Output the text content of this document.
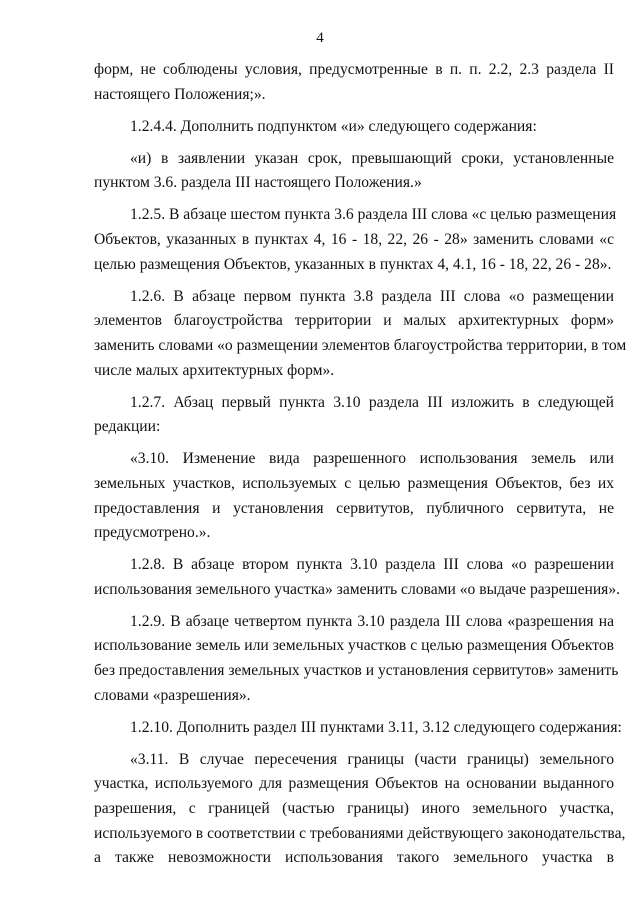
4
форм, не соблюдены условия, предусмотренные в п. п. 2.2, 2.3 раздела II
настоящего Положения;».
1.2.4.4. Дополнить подпунктом «и» следующего содержания:
«и) в заявлении указан срок, превышающий сроки, установленные
пунктом 3.6. раздела III настоящего Положения.»
1.2.5. В абзаце шестом пункта 3.6 раздела III слова «с целью размещения
Объектов, указанных в пунктах 4, 16 - 18, 22, 26 - 28» заменить словами «с
целью размещения Объектов, указанных в пунктах 4, 4.1, 16 - 18, 22, 26 - 28».
1.2.6. В абзаце первом пункта 3.8 раздела III слова «о размещении
элементов благоустройства территории и малых архитектурных форм»
заменить словами «о размещении элементов благоустройства территории, в том
числе малых архитектурных форм».
1.2.7. Абзац первый пункта 3.10 раздела III изложить в следующей
редакции:
«3.10. Изменение вида разрешенного использования земель или
земельных участков, используемых с целью размещения Объектов, без их
предоставления и установления сервитутов, публичного сервитута, не
предусмотрено.».
1.2.8. В абзаце втором пункта 3.10 раздела III слова «о разрешении
использования земельного участка» заменить словами «о выдаче разрешения».
1.2.9. В абзаце четвертом пункта 3.10 раздела III слова «разрешения на
использование земель или земельных участков с целью размещения Объектов
без предоставления земельных участков и установления сервитутов» заменить
словами «разрешения».
1.2.10. Дополнить раздел III пунктами 3.11, 3.12 следующего содержания:
«3.11. В случае пересечения границы (части границы) земельного
участка, используемого для размещения Объектов на основании выданного
разрешения, с границей (частью границы) иного земельного участка,
используемого в соответствии с требованиями действующего законодательства,
а также невозможности использования такого земельного участка в
